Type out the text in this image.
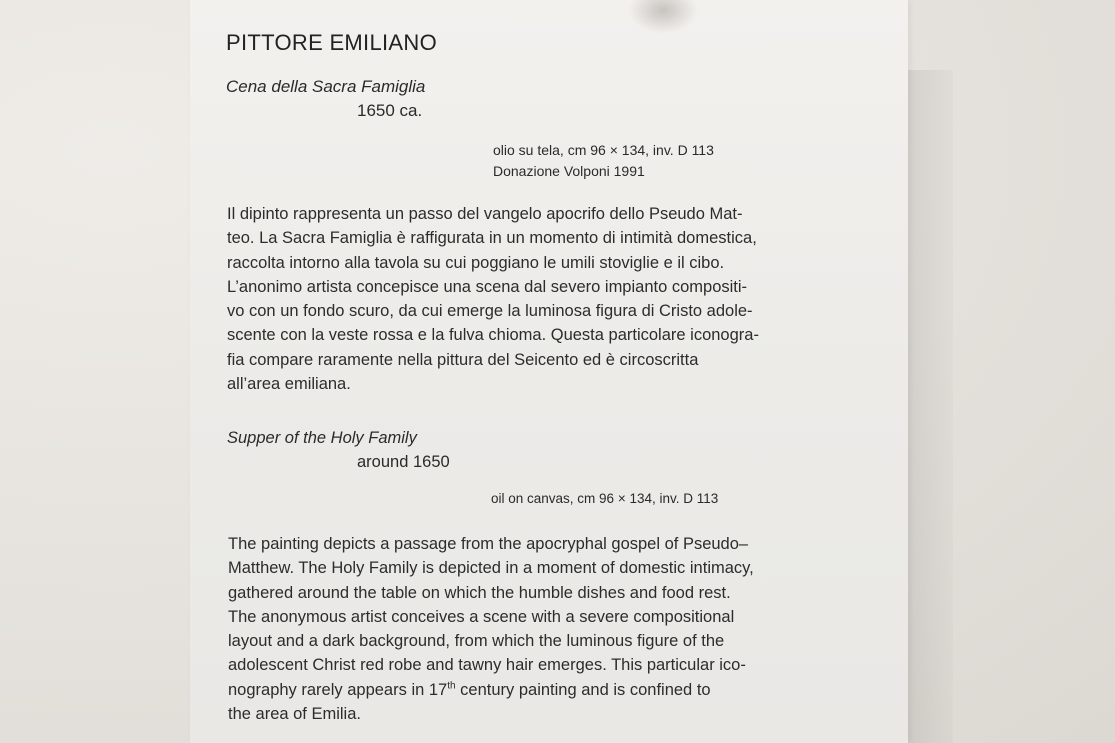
PITTORE EMILIANO
Cena della Sacra Famiglia
1650 ca.
olio su tela, cm 96 × 134, inv. D 113
Donazione Volponi 1991
Il dipinto rappresenta un passo del vangelo apocrifo dello Pseudo Mat-
teo. La Sacra Famiglia è raffigurata in un momento di intimità domestica,
raccolta intorno alla tavola su cui poggiano le umili stoviglie e il cibo.
L’anonimo artista concepisce una scena dal severo impianto compositi-
vo con un fondo scuro, da cui emerge la luminosa figura di Cristo adole-
scente con la veste rossa e la fulva chioma. Questa particolare iconogra-
fia compare raramente nella pittura del Seicento ed è circoscritta
all’area emiliana.
Supper of the Holy Family
around 1650
oil on canvas, cm 96 × 134, inv. D 113
The painting depicts a passage from the apocryphal gospel of Pseudo–
Matthew. The Holy Family is depicted in a moment of domestic intimacy,
gathered around the table on which the humble dishes and food rest.
The anonymous artist conceives a scene with a severe compositional
layout and a dark background, from which the luminous figure of the
adolescent Christ red robe and tawny hair emerges. This particular ico-
nography rarely appears in 17th century painting and is confined to
the area of Emilia.
